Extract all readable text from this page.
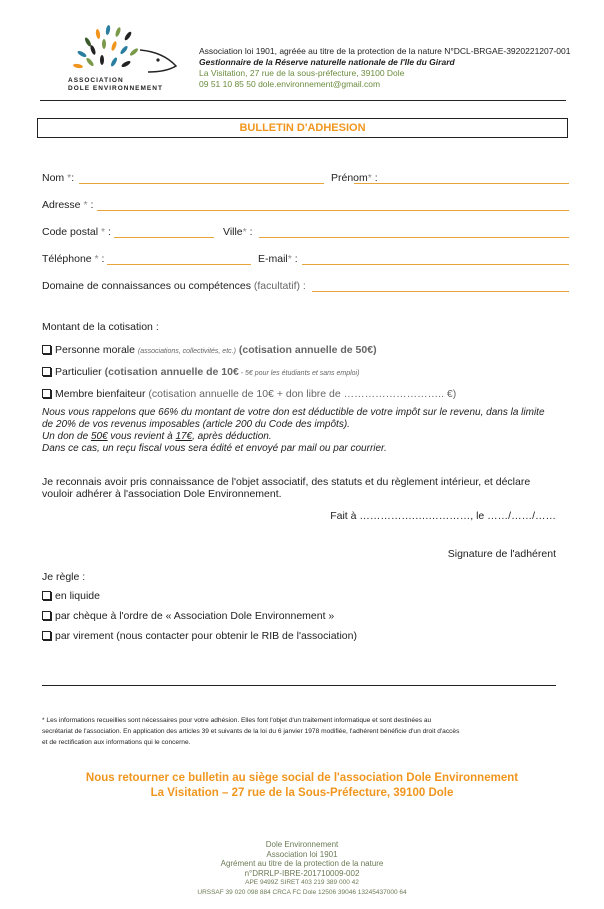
ASSOCIATION
DOLE ENVIRONNEMENT
Association loi 1901, agréée au titre de la protection de la nature N°DCL-BRGAE-3920221207-001
Gestionnaire de la Réserve naturelle nationale de l'Ile du Girard
La Visitation, 27 rue de la sous-préfecture, 39100 Dole
09 51 10 85 50 dole.environnement@gmail.com
BULLETIN D'ADHESION
Nom *:	Prénom* :
Adresse * :
Code postal * :	Ville* :
Téléphone * :	E-mail* :
Domaine de connaissances ou compétences (facultatif) :
Montant de la cotisation :
Personne morale (associations, collectivités, etc.) (cotisation annuelle de 50€)
Particulier (cotisation annuelle de 10€ - 5€ pour les étudiants et sans emploi)
Membre bienfaiteur (cotisation annuelle de 10€ + don libre de ……………………….. €)
Nous vous rappelons que 66% du montant de votre don est déductible de votre impôt sur le revenu, dans la limite
de 20% de vos revenus imposables (article 200 du Code des impôts).
Un don de 50€ vous revient à 17€, après déduction.
Dans ce cas, un reçu fiscal vous sera édité et envoyé par mail ou par courrier.
Je reconnais avoir pris connaissance de l'objet associatif, des statuts et du règlement intérieur, et déclare
vouloir adhérer à l'association Dole Environnement.
Fait à …………….….…………, le ……/……/……
Signature de l'adhérent
Je règle :
en liquide
par chèque à l'ordre de « Association Dole Environnement »
par virement (nous contacter pour obtenir le RIB de l'association)
* Les informations recueillies sont nécessaires pour votre adhésion. Elles font l'objet d'un traitement informatique et sont destinées au
secrétariat de l'association. En application des articles 39 et suivants de la loi du 6 janvier 1978 modifiée, l'adhérent bénéficie d'un droit d'accès
et de rectification aux informations qui le concerne.
Nous retourner ce bulletin au siège social de l'association Dole Environnement
La Visitation – 27 rue de la Sous-Préfecture, 39100 Dole
Dole Environnement
Association loi 1901
Agrément au titre de la protection de la nature
n°DRRLP-IBRE-201710009-002
APE 9499Z SIRET 403 219 389 000 42
URSSAF 39 020 098 884 CRCA FC Dole 12506 39046 13245437000 64
